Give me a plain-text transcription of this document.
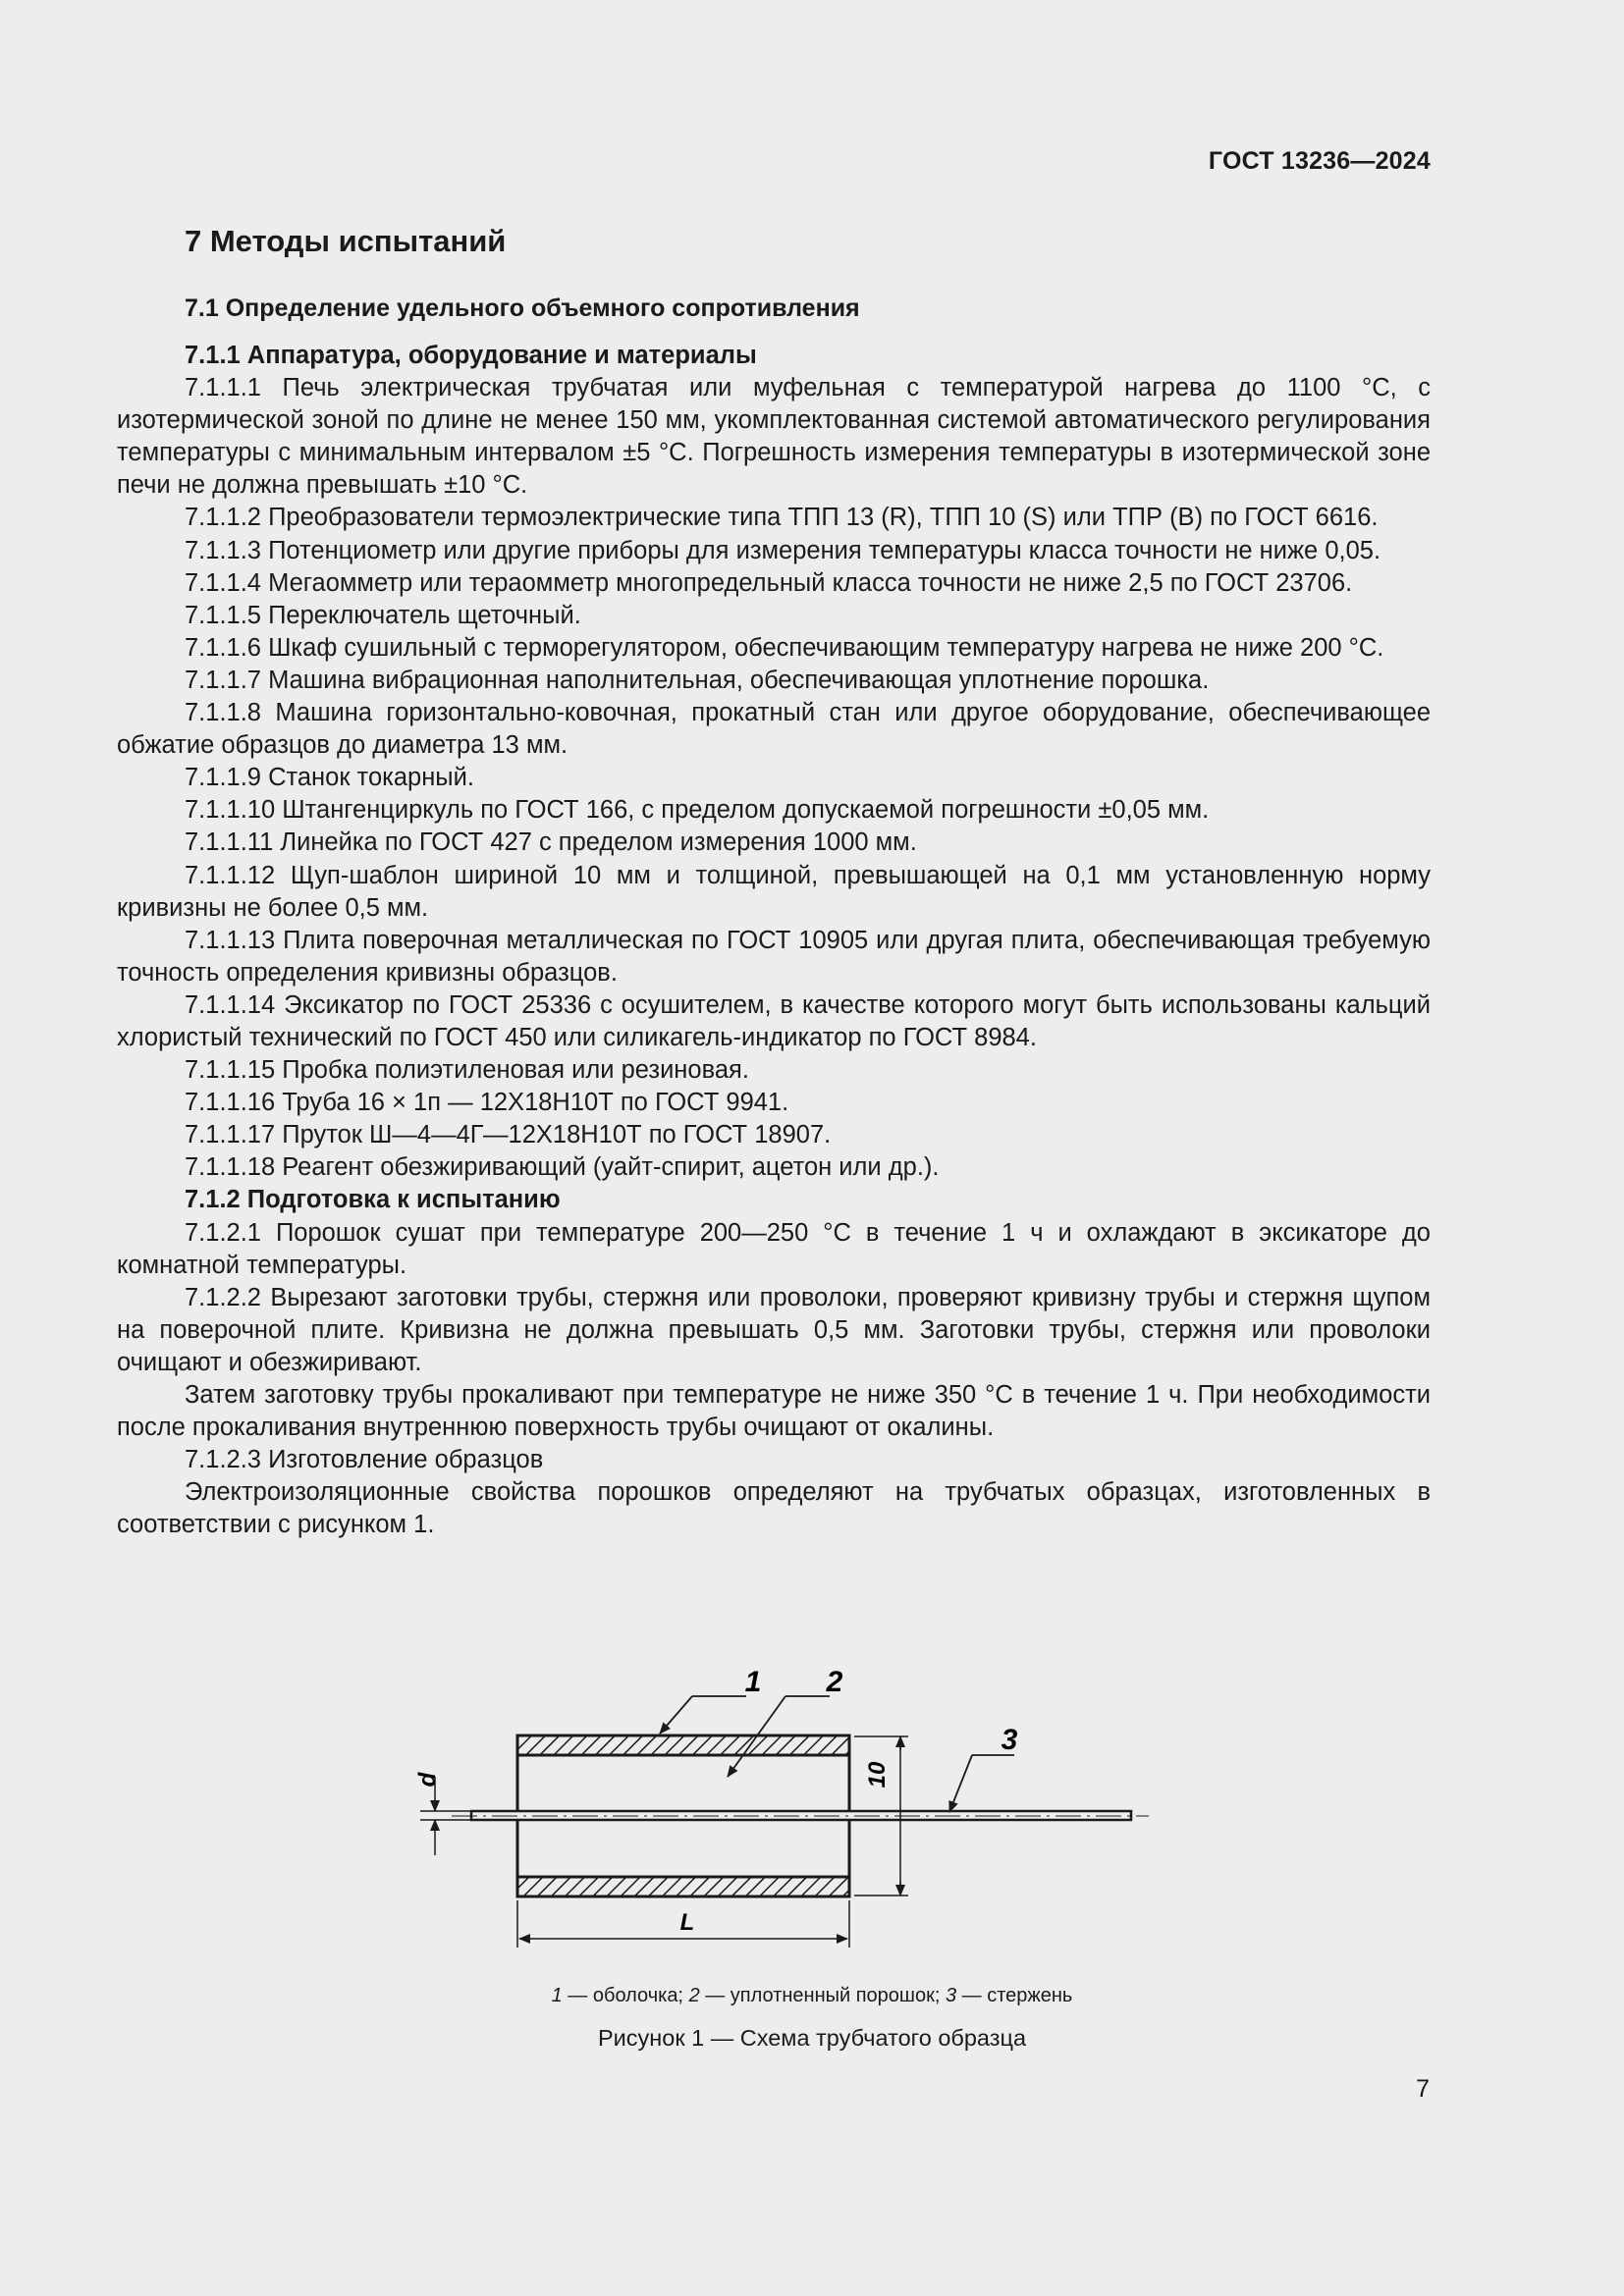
ГОСТ 13236—2024
7 Методы испытаний
7.1 Определение удельного объемного сопротивления

7.1.1 Аппаратура, оборудование и материалы

7.1.1.1 Печь электрическая трубчатая или муфельная с температурой нагрева до 1100 °С, с изотермической зоной по длине не менее 150 мм, укомплектованная системой автоматического регулирования температуры с минимальным интервалом ±5 °С. Погрешность измерения температуры в изотермической зоне печи не должна превышать ±10 °С.

7.1.1.2 Преобразователи термоэлектрические типа ТПП 13 (R), ТПП 10 (S) или ТПР (В) по ГОСТ 6616.

7.1.1.3 Потенциометр или другие приборы для измерения температуры класса точности не ниже 0,05.

7.1.1.4 Мегаомметр или тераомметр многопредельный класса точности не ниже 2,5 по ГОСТ 23706.

7.1.1.5 Переключатель щеточный.

7.1.1.6 Шкаф сушильный с терморегулятором, обеспечивающим температуру нагрева не ниже 200 °С.

7.1.1.7 Машина вибрационная наполнительная, обеспечивающая уплотнение порошка.

7.1.1.8 Машина горизонтально-ковочная, прокатный стан или другое оборудование, обеспечивающее обжатие образцов до диаметра 13 мм.

7.1.1.9 Станок токарный.

7.1.1.10 Штангенциркуль по ГОСТ 166, с пределом допускаемой погрешности ±0,05 мм.

7.1.1.11 Линейка по ГОСТ 427 с пределом измерения 1000 мм.

7.1.1.12 Щуп-шаблон шириной 10 мм и толщиной, превышающей на 0,1 мм установленную норму кривизны не более 0,5 мм.

7.1.1.13 Плита поверочная металлическая по ГОСТ 10905 или другая плита, обеспечивающая требуемую точность определения кривизны образцов.

7.1.1.14 Эксикатор по ГОСТ 25336 с осушителем, в качестве которого могут быть использованы кальций хлористый технический по ГОСТ 450 или силикагель-индикатор по ГОСТ 8984.

7.1.1.15 Пробка полиэтиленовая или резиновая.

7.1.1.16 Труба 16 × 1п — 12Х18Н10Т по ГОСТ 9941.

7.1.1.17 Пруток Ш—4—4Г—12Х18Н10Т по ГОСТ 18907.

7.1.1.18 Реагент обезжиривающий (уайт-спирит, ацетон или др.).

7.1.2 Подготовка к испытанию

7.1.2.1 Порошок сушат при температуре 200—250 °С в течение 1 ч и охлаждают в эксикаторе до комнатной температуры.

7.1.2.2 Вырезают заготовки трубы, стержня или проволоки, проверяют кривизну трубы и стержня щупом на поверочной плите. Кривизна не должна превышать 0,5 мм. Заготовки трубы, стержня или проволоки очищают и обезжиривают.

Затем заготовку трубы прокаливают при температуре не ниже 350 °С в течение 1 ч. При необходимости после прокаливания внутреннюю поверхность трубы очищают от окалины.

7.1.2.3 Изготовление образцов

Электроизоляционные свойства порошков определяют на трубчатых образцах, изготовленных в соответствии с рисунком 1.

d	10
L
1 2
3
1 — оболочка; 2 — уплотненный порошок; 3 — стержень
Рисунок 1 — Схема трубчатого образца
7
